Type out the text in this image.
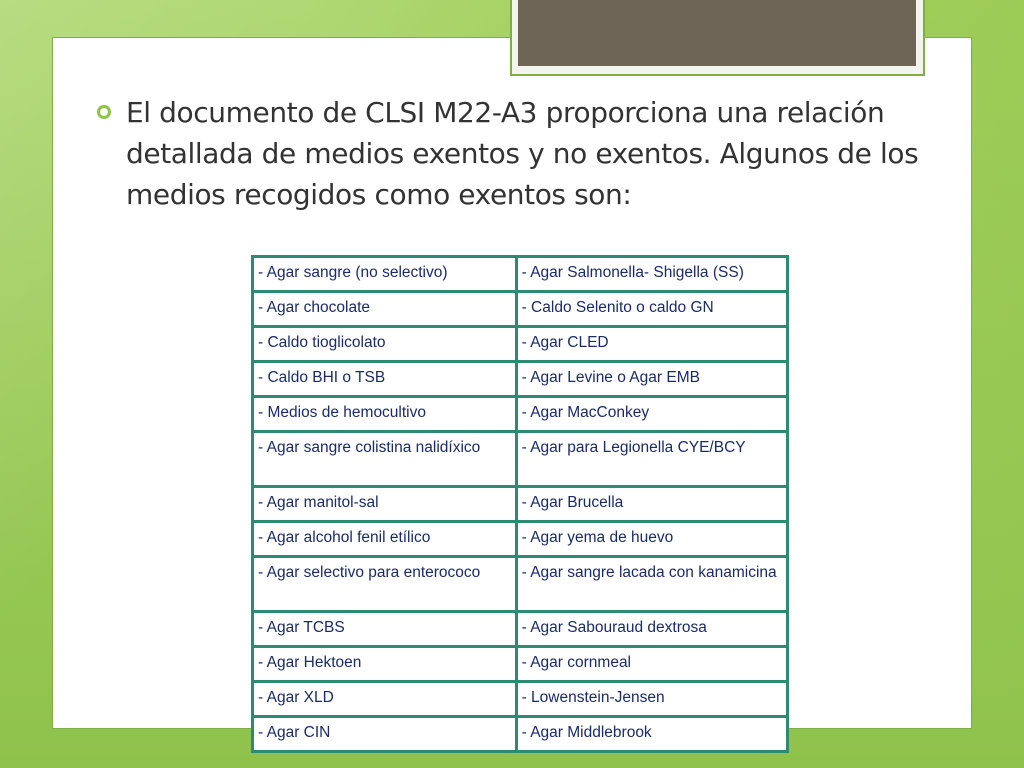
El documento de CLSI M22-A3 proporciona una relación detallada de medios exentos y no exentos. Algunos de los medios recogidos como exentos son:

- Agar sangre (no selectivo)	- Agar Salmonella- Shigella (SS)
- Agar chocolate	- Caldo Selenito o caldo GN
- Caldo tioglicolato	- Agar CLED
- Caldo BHI o TSB	- Agar Levine o Agar EMB
- Medios de hemocultivo	- Agar MacConkey
- Agar sangre colistina nalidíxico	- Agar para Legionella CYE/BCY
- Agar manitol-sal	- Agar Brucella
- Agar alcohol fenil etílico	- Agar yema de huevo
- Agar selectivo para enterococo	- Agar sangre lacada con kanamicina
- Agar TCBS	- Agar Sabouraud dextrosa
- Agar Hektoen	- Agar cornmeal
- Agar XLD	- Lowenstein-Jensen
- Agar CIN	- Agar Middlebrook
